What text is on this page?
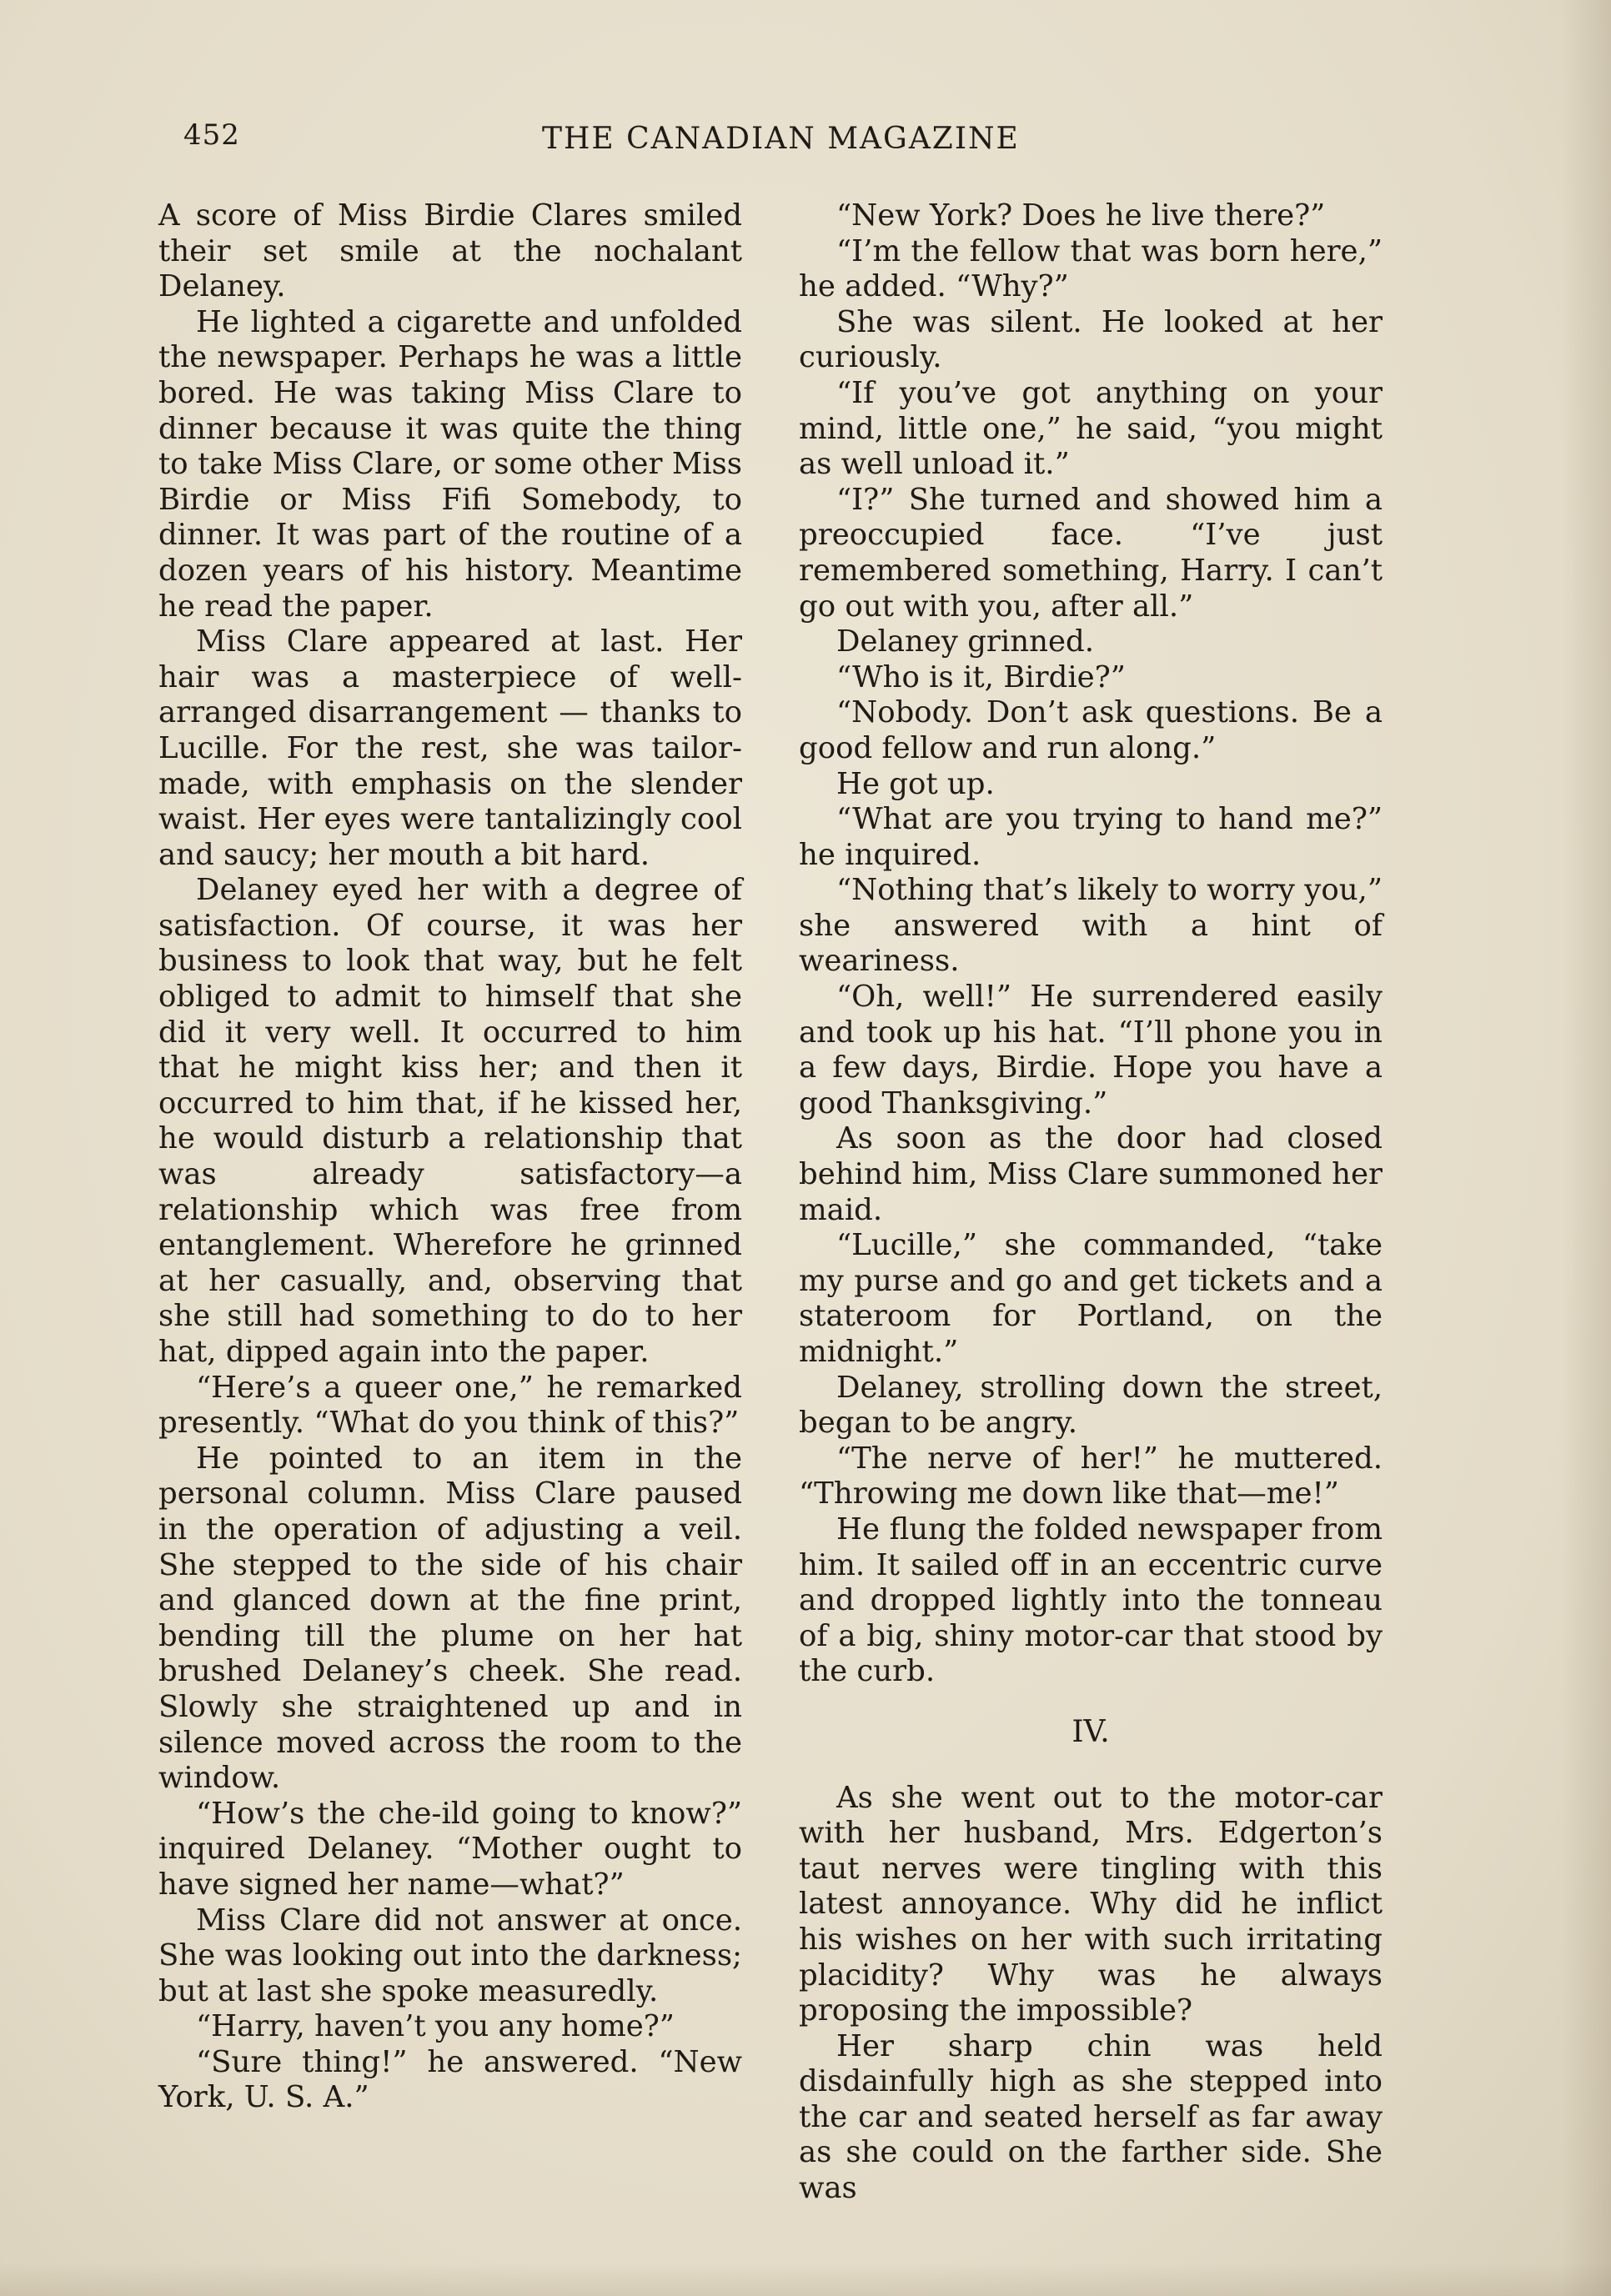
452	THE CANADIAN MAGAZINE

A score of Miss Birdie Clares smiled their set smile at the nochalant Delaney.

He lighted a cigarette and unfolded the newspaper. Perhaps he was a little bored. He was taking Miss Clare to dinner because it was quite the thing to take Miss Clare, or some other Miss Birdie or Miss Fifi Somebody, to dinner. It was part of the routine of a dozen years of his history. Meantime he read the paper.

Miss Clare appeared at last. Her hair was a masterpiece of well-arranged disarrangement — thanks to Lucille. For the rest, she was tailor-made, with emphasis on the slender waist. Her eyes were tantalizingly cool and saucy; her mouth a bit hard.

Delaney eyed her with a degree of satisfaction. Of course, it was her business to look that way, but he felt obliged to admit to himself that she did it very well. It occurred to him that he might kiss her; and then it occurred to him that, if he kissed her, he would disturb a relationship that was already satisfactory—a relationship which was free from entanglement. Wherefore he grinned at her casually, and, observing that she still had something to do to her hat, dipped again into the paper.

“Here’s a queer one,” he remarked presently. “What do you think of this?”

He pointed to an item in the personal column. Miss Clare paused in the operation of adjusting a veil. She stepped to the side of his chair and glanced down at the fine print, bending till the plume on her hat brushed Delaney’s cheek. She read. Slowly she straightened up and in silence moved across the room to the window.

“How’s the che-ild going to know?” inquired Delaney. “Mother ought to have signed her name—what?”

Miss Clare did not answer at once. She was looking out into the darkness; but at last she spoke measuredly.

“Harry, haven’t you any home?”

“Sure thing!” he answered. “New York, U. S. A.”

“New York? Does he live there?”

“I’m the fellow that was born here,” he added. “Why?”

She was silent. He looked at her curiously.

“If you’ve got anything on your mind, little one,” he said, “you might as well unload it.”

“I?” She turned and showed him a preoccupied face. “I’ve just remembered something, Harry. I can’t go out with you, after all.”

Delaney grinned.

“Who is it, Birdie?”

“Nobody. Don’t ask questions. Be a good fellow and run along.”

He got up.

“What are you trying to hand me?” he inquired.

“Nothing that’s likely to worry you,” she answered with a hint of weariness.

“Oh, well!” He surrendered easily and took up his hat. “I’ll phone you in a few days, Birdie. Hope you have a good Thanksgiving.”

As soon as the door had closed behind him, Miss Clare summoned her maid.

“Lucille,” she commanded, “take my purse and go and get tickets and a stateroom for Portland, on the midnight.”

Delaney, strolling down the street, began to be angry.

“The nerve of her!” he muttered. “Throwing me down like that—me!”

He flung the folded newspaper from him. It sailed off in an eccentric curve and dropped lightly into the tonneau of a big, shiny motor-car that stood by the curb.

IV.

As she went out to the motor-car with her husband, Mrs. Edgerton’s taut nerves were tingling with this latest annoyance. Why did he inflict his wishes on her with such irritating placidity? Why was he always proposing the impossible?

Her sharp chin was held disdainfully high as she stepped into the car and seated herself as far away as she could on the farther side. She was
